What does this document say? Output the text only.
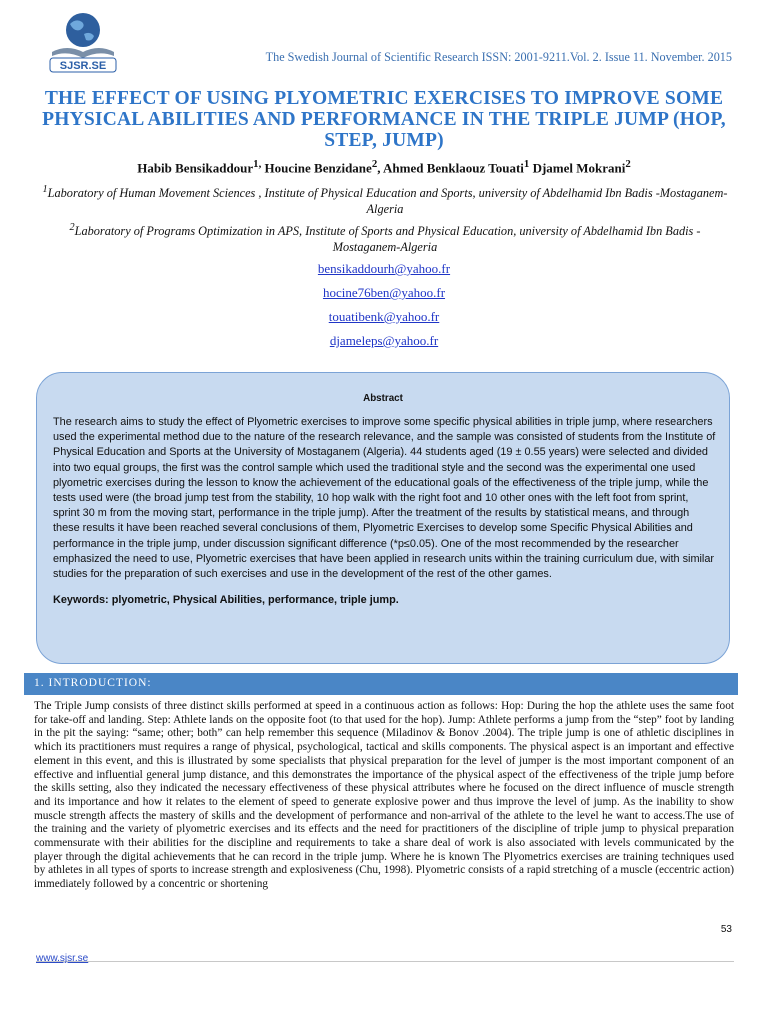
SJSR.SE
The Swedish Journal of Scientific Research ISSN: 2001-9211.Vol. 2. Issue 11. November. 2015
THE EFFECT OF USING PLYOMETRIC EXERCISES TO IMPROVE SOME PHYSICAL ABILITIES AND PERFORMANCE IN THE TRIPLE JUMP (HOP, STEP, JUMP)
Habib Bensikaddour$^{1,}$ Houcine Benzidane$^2$, Ahmed Benklaouz Touati$^1$ Djamel Mokrani$^2$
$^1$Laboratory of Human Movement Sciences , Institute of Physical Education and Sports, university of Abdelhamid Ibn Badis -Mostaganem-Algeria
$^2$Laboratory of Programs Optimization in APS, Institute of Sports and Physical Education, university of Abdelhamid Ibn Badis -Mostaganem-Algeria
bensikaddourh@yahoo.fr
hocine76ben@yahoo.fr
touatibenk@yahoo.fr
djameleps@yahoo.fr
Abstract

The research aims to study the effect of Plyometric exercises to improve some specific physical abilities in triple jump, where researchers used the experimental method due to the nature of the research relevance, and the sample was consisted of students from the Institute of Physical Education and Sports at the University of Mostaganem (Algeria). 44 students aged (19 ± 0.55 years) were selected and divided into two equal groups, the first was the control sample which used the traditional style and the second was the experimental one used plyometric exercises during the lesson to know the achievement of the educational goals of the effectiveness of the triple jump, while the tests used were (the broad jump test from the stability, 10 hop walk with the right foot and 10 other ones with the left foot from sprint, sprint 30 m from the moving start, performance in the triple jump). After the treatment of the results by statistical means, and through these results it have been reached several conclusions of them, Plyometric Exercises to develop some Specific Physical Abilities and performance in the triple jump, under discussion significant difference (*p≤0.05). One of the most recommended by the researcher emphasized the need to use, Plyometric exercises that have been applied in research units within the training curriculum due, with similar studies for the preparation of such exercises and use in the development of the rest of the other games.

Keywords: plyometric, Physical Abilities, performance, triple jump.

1. INTRODUCTION:

The Triple Jump consists of three distinct skills performed at speed in a continuous action as follows: Hop: During the hop the athlete uses the same foot for take-off and landing. Step: Athlete lands on the opposite foot (to that used for the hop). Jump: Athlete performs a jump from the “step” foot by landing in the pit the saying: “same; other; both” can help remember this sequence (Miladinov & Bonov .2004). The triple jump is one of athletic disciplines in which its practitioners must requires a range of physical, psychological, tactical and skills components. The physical aspect is an important and effective element in this event, and this is illustrated by some specialists that physical preparation for the level of jumper is the most important component of an effective and influential general jump distance, and this demonstrates the importance of the physical aspect of the effectiveness of the triple jump before the skills setting, also they indicated the necessary effectiveness of these physical attributes where he focused on the direct influence of muscle strength and its importance and how it relates to the element of speed to generate explosive power and thus improve the level of jump. As the inability to show muscle strength affects the mastery of skills and the development of performance and non-arrival of the athlete to the level he want to access.The use of the training and the variety of plyometric exercises and its effects and the need for practitioners of the discipline of triple jump to physical preparation commensurate with their abilities for the discipline and requirements to take a share deal of work is also associated with levels communicated by the player through the digital achievements that he can record in the triple jump. Where he is known The Plyometrics exercises are training techniques used by athletes in all types of sports to increase strength and explosiveness (Chu, 1998). Plyometric consists of a rapid stretching of a muscle (eccentric action) immediately followed by a concentric or shortening

53
www.sjsr.se
